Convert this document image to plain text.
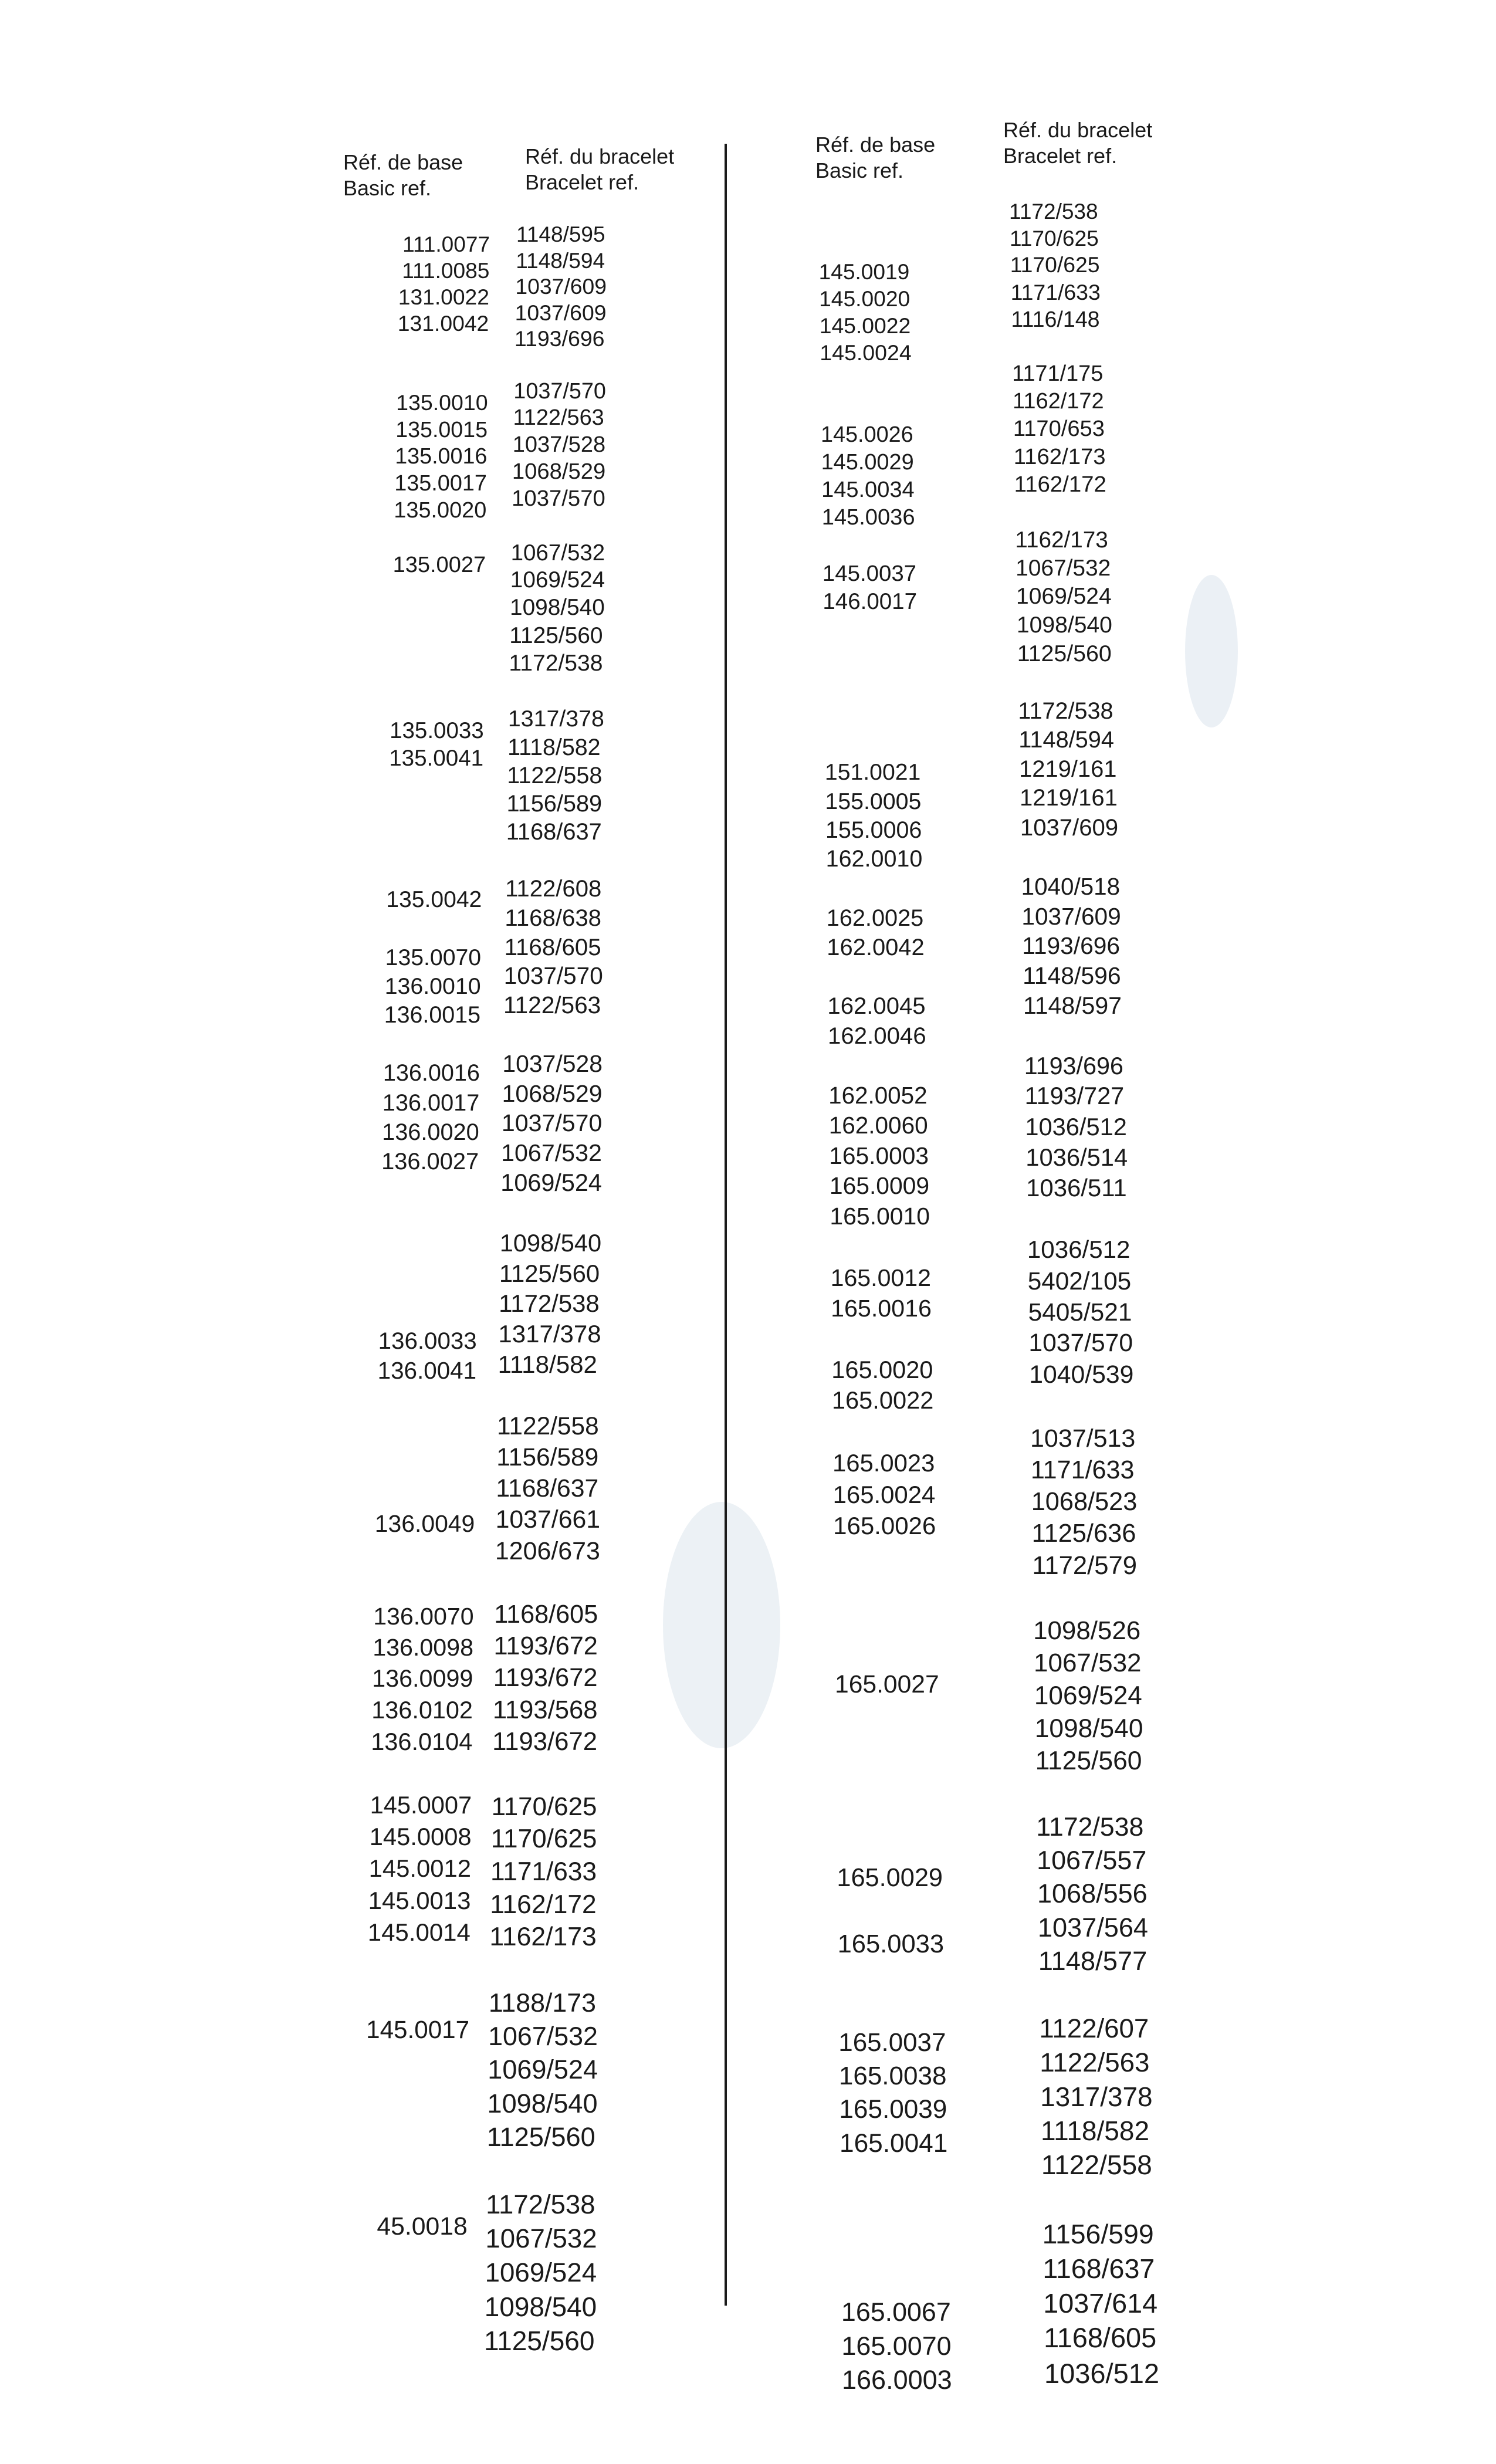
Réf. de base
Basic ref.
Réf. du bracelet
Bracelet ref.
Réf. de base
Basic ref.
Réf. du bracelet
Bracelet ref.
111.0077
111.0085
131.0022
131.0042
135.0010
135.0015
135.0016
135.0017
135.0020
135.0027
135.0033
135.0041
135.0042
135.0070
136.0010
136.0015
136.0016
136.0017
136.0020
136.0027
136.0033
136.0041
136.0049
136.0070
136.0098
136.0099
136.0102
136.0104
145.0007
145.0008
145.0012
145.0013
145.0014
145.0017
45.0018
1148/595
1148/594
1037/609
1037/609
1193/696
1037/570
1122/563
1037/528
1068/529
1037/570
1067/532
1069/524
1098/540
1125/560
1172/538
1317/378
1118/582
1122/558
1156/589
1168/637
1122/608
1168/638
1168/605
1037/570
1122/563
1037/528
1068/529
1037/570
1067/532
1069/524
1098/540
1125/560
1172/538
1317/378
1118/582
1122/558
1156/589
1168/637
1037/661
1206/673
1168/605
1193/672
1193/672
1193/568
1193/672
1170/625
1170/625
1171/633
1162/172
1162/173
1188/173
1067/532
1069/524
1098/540
1125/560
1172/538
1067/532
1069/524
1098/540
1125/560
145.0019
145.0020
145.0022
145.0024
145.0026
145.0029
145.0034
145.0036
145.0037
146.0017
151.0021
155.0005
155.0006
162.0010
162.0025
162.0042
162.0045
162.0046
162.0052
162.0060
165.0003
165.0009
165.0010
165.0012
165.0016
165.0020
165.0022
165.0023
165.0024
165.0026
165.0027
165.0029
165.0033
165.0037
165.0038
165.0039
165.0041
165.0067
165.0070
166.0003
1172/538
1170/625
1170/625
1171/633
1116/148
1171/175
1162/172
1170/653
1162/173
1162/172
1162/173
1067/532
1069/524
1098/540
1125/560
1172/538
1148/594
1219/161
1219/161
1037/609
1040/518
1037/609
1193/696
1148/596
1148/597
1193/696
1193/727
1036/512
1036/514
1036/511
1036/512
5402/105
5405/521
1037/570
1040/539
1037/513
1171/633
1068/523
1125/636
1172/579
1098/526
1067/532
1069/524
1098/540
1125/560
1172/538
1067/557
1068/556
1037/564
1148/577
1122/607
1122/563
1317/378
1118/582
1122/558
1156/599
1168/637
1037/614
1168/605
1036/512
